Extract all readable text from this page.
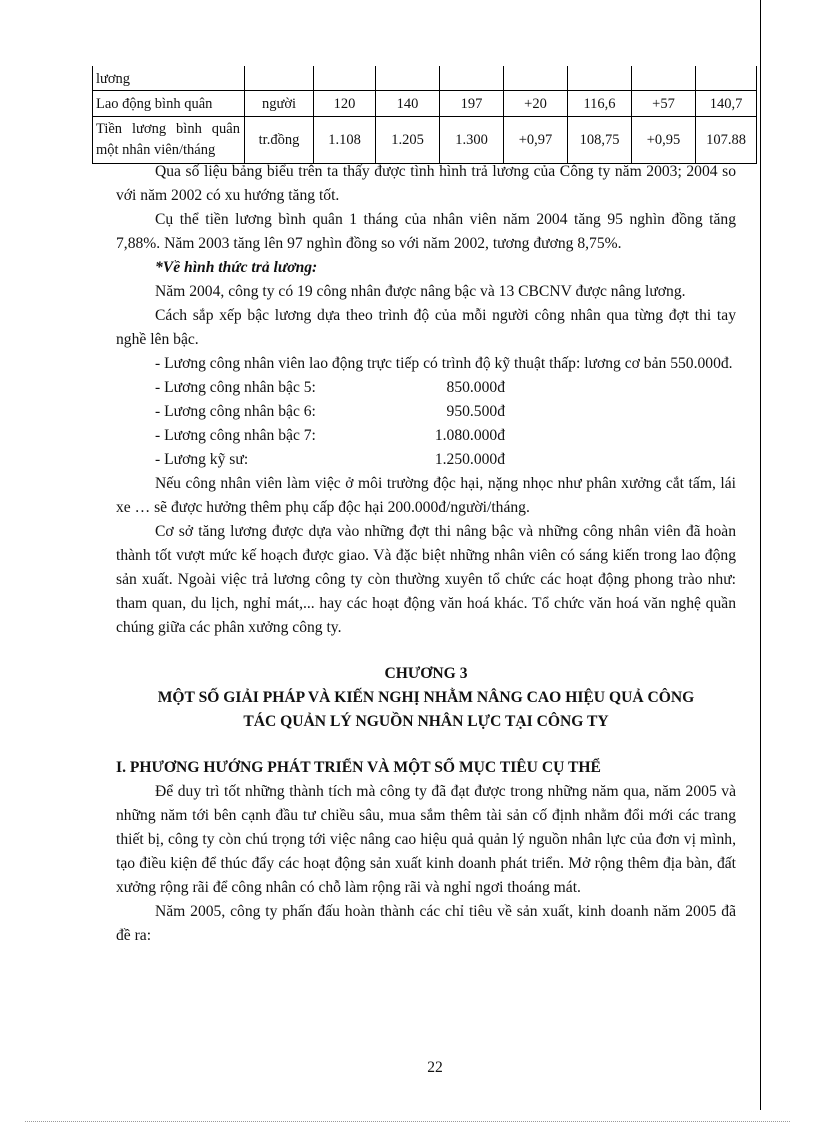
lương								
Lao động bình quân	người	120	140	197	+20	116,6	+57	140,7
Tiền lương bình quân một nhân viên/tháng	tr.đồng	1.108	1.205	1.300	+0,97	108,75	+0,95	107.88

Qua số liệu bảng biểu trên ta thấy được tình hình trả lương của Công ty năm 2003; 2004 so với năm 2002 có xu hướng tăng tốt.

Cụ thể tiền lương bình quân 1 tháng của nhân viên năm 2004 tăng 95 nghìn đồng tăng 7,88%. Năm 2003 tăng lên 97 nghìn đồng so với năm 2002, tương đương 8,75%.

*Về hình thức trả lương:

Năm 2004, công ty có 19 công nhân được nâng bậc và 13 CBCNV được nâng lương.

Cách sắp xếp bậc lương dựa theo trình độ của mỗi người công nhân qua từng đợt thi tay nghề lên bậc.

- Lương công nhân viên lao động trực tiếp có trình độ kỹ thuật thấp: lương cơ bản 550.000đ.

- Lương công nhân bậc 5:	850.000đ
- Lương công nhân bậc 6:	950.500đ
- Lương công nhân bậc 7:	1.080.000đ
- Lương kỹ sư:	1.250.000đ

Nếu công nhân viên làm việc ở môi trường độc hại, nặng nhọc như phân xưởng cắt tấm, lái xe … sẽ được hưởng thêm phụ cấp độc hại 200.000đ/người/tháng.

Cơ sở tăng lương được dựa vào những đợt thi nâng bậc và những công nhân viên đã hoàn thành tốt vượt mức kế hoạch được giao. Và đặc biệt những nhân viên có sáng kiến trong lao động sản xuất. Ngoài việc trả lương công ty còn thường xuyên tổ chức các hoạt động phong trào như: tham quan, du lịch, nghỉ mát,... hay các hoạt động văn hoá khác. Tổ chức văn hoá văn nghệ quần chúng giữa các phân xưởng công ty.

CHƯƠNG 3

MỘT SỐ GIẢI PHÁP VÀ KIẾN NGHỊ NHẰM NÂNG CAO HIỆU QUẢ CÔNG

TÁC QUẢN LÝ NGUỒN NHÂN LỰC TẠI CÔNG TY

I. PHƯƠNG HƯỚNG PHÁT TRIỂN VÀ MỘT SỐ MỤC TIÊU CỤ THỂ

Để duy trì tốt những thành tích mà công ty đã đạt được trong những năm qua, năm 2005 và những năm tới bên cạnh đầu tư chiều sâu, mua sắm thêm tài sản cố định nhằm đổi mới các trang thiết bị, công ty còn chú trọng tới việc nâng cao hiệu quả quản lý nguồn nhân lực của đơn vị mình, tạo điều kiện để thúc đẩy các hoạt động sản xuất kinh doanh phát triển. Mở rộng thêm địa bàn, đất xưởng rộng rãi để công nhân có chỗ làm rộng rãi và nghỉ ngơi thoáng mát.

Năm 2005, công ty phấn đấu hoàn thành các chỉ tiêu về sản xuất, kinh doanh năm 2005 đã đề ra:

22
